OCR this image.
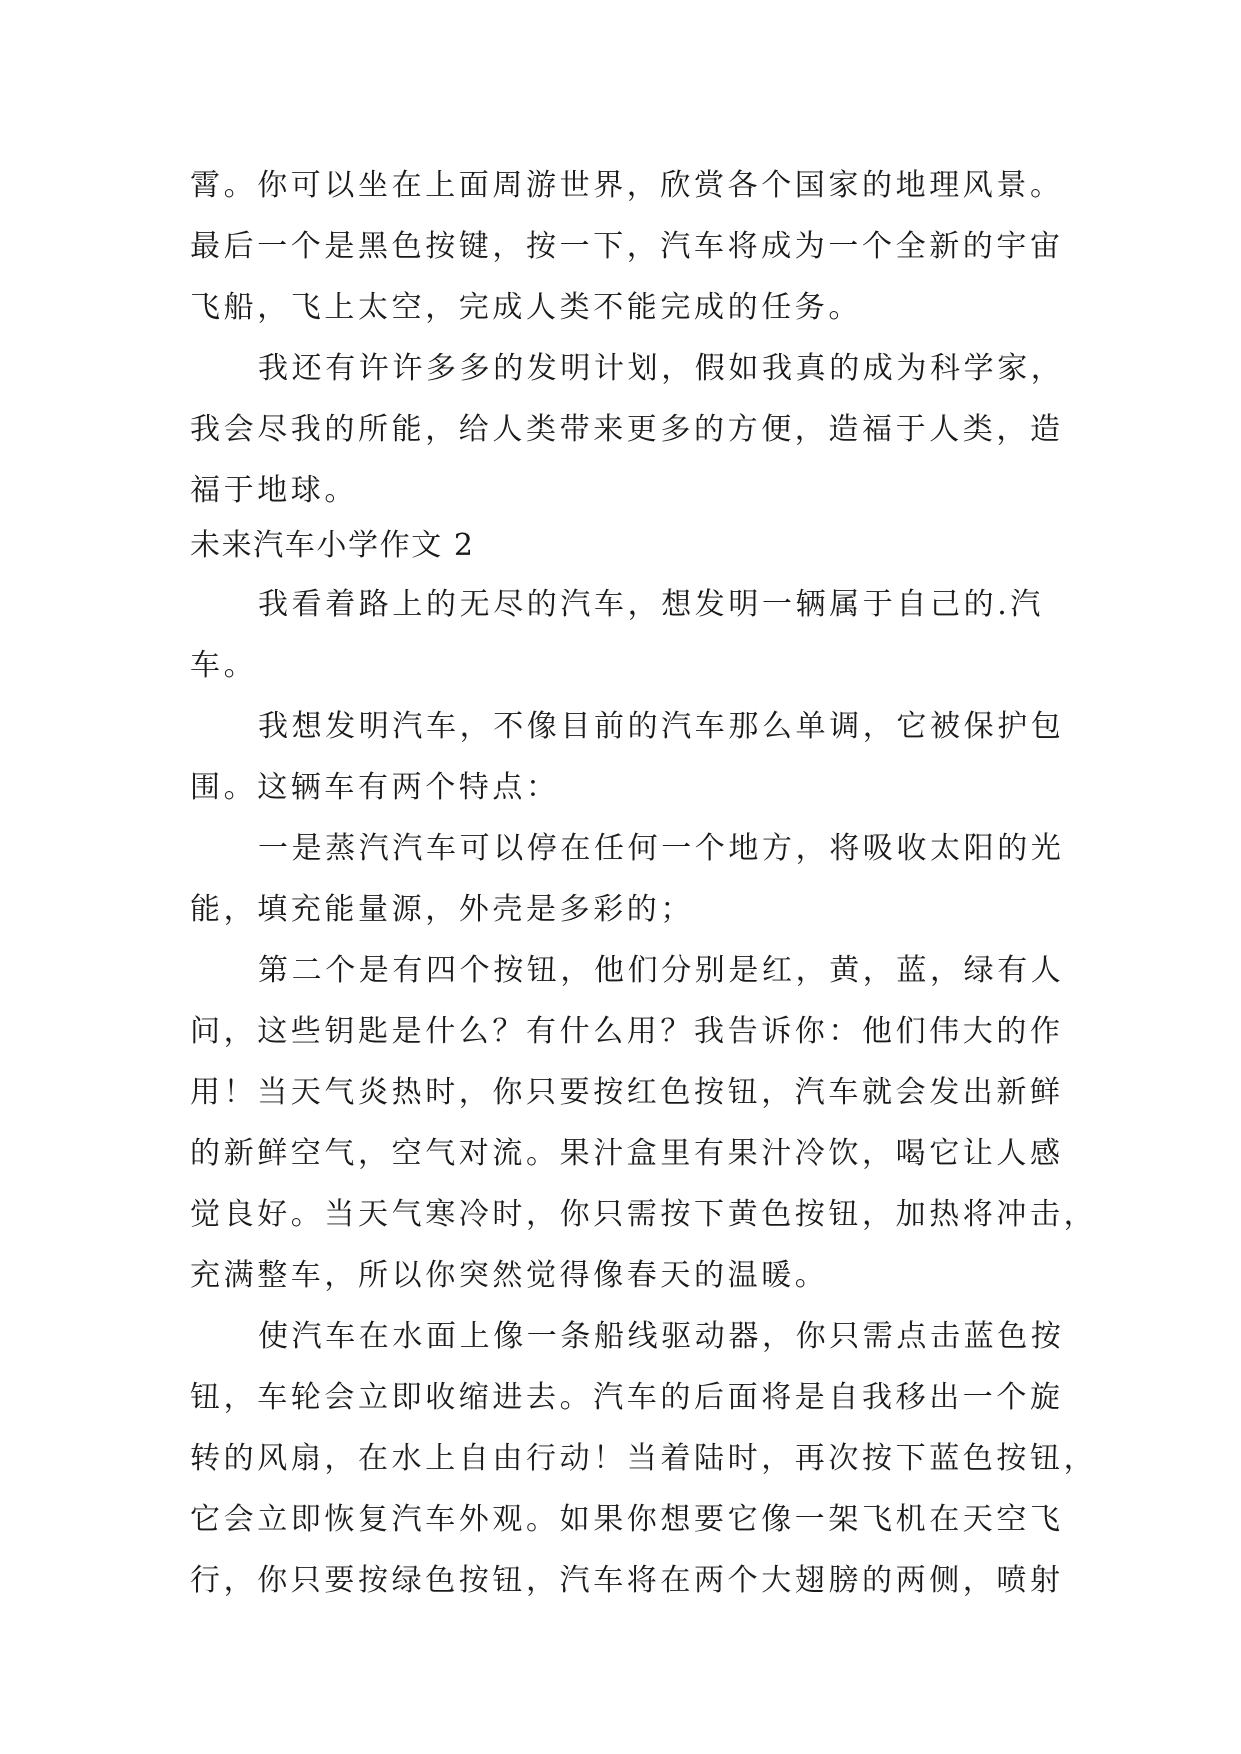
霄。你可以坐在上面周游世界，欣赏各个国家的地理风景。
最后一个是黑色按键，按一下，汽车将成为一个全新的宇宙
飞船，飞上太空，完成人类不能完成的任务。
我还有许许多多的发明计划，假如我真的成为科学家，
我会尽我的所能，给人类带来更多的方便，造福于人类，造
福于地球。
未来汽车小学作文 2
我看着路上的无尽的汽车，想发明一辆属于自己的.汽
车。
我想发明汽车，不像目前的汽车那么单调，它被保护包
围。这辆车有两个特点：
一是蒸汽汽车可以停在任何一个地方，将吸收太阳的光
能，填充能量源，外壳是多彩的；
第二个是有四个按钮，他们分别是红，黄，蓝，绿有人
问，这些钥匙是什么？有什么用？我告诉你：他们伟大的作
用！当天气炎热时，你只要按红色按钮，汽车就会发出新鲜
的新鲜空气，空气对流。果汁盒里有果汁冷饮，喝它让人感
觉良好。当天气寒冷时，你只需按下黄色按钮，加热将冲击，
充满整车，所以你突然觉得像春天的温暖。
使汽车在水面上像一条船线驱动器，你只需点击蓝色按
钮，车轮会立即收缩进去。汽车的后面将是自我移出一个旋
转的风扇，在水上自由行动！当着陆时，再次按下蓝色按钮，
它会立即恢复汽车外观。如果你想要它像一架飞机在天空飞
行，你只要按绿色按钮，汽车将在两个大翅膀的两侧，喷射
